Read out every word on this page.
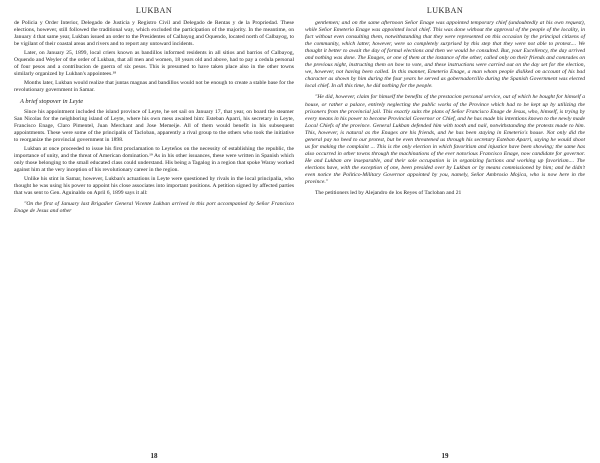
LUKBAN

de Policia y Order Interior, Delegado de Justicia y Registro Civil and Delegado de Rentas y de la Propriedad. These elections, however, still followed the traditional way, which excluded the participation of the majority. In the meantime, on January 4 that same year, Lukban issued an order to the Presidentes of Calbayog and Oquendo, located north of Calbayog, to be vigilant of their coastal areas and rivers and to report any untoward incidents.

Later, on January 25, 1899, local criers known as bandillos informed residents in all sitios and barrios of Calbayog, Oquendo and Weyler of the order of Lukban, that all men and women, 18 years old and above, had to pay a cedula personal of four pesos and a contribucion de guerra of six pesos. This is presumed to have taken place also in the other towns similarly organized by Lukban's appointees.¹⁸

Months later, Lukban would realize that juntas magnas and bandillos would not be enough to create a stable base for the revolutionary government in Samar.

A brief stopover in Leyte

Since his appointment included the island province of Leyte, he set sail on January 17, that year, on board the steamer San Nicolas for the neighboring island of Leyte, where his own mess awaited him: Esteban Aparri, his secretary in Leyte, Francisco Enage, Claro Pimentel, Juan Merchant and Jose Memeije. All of them would benefit in his subsequent appointments. These were some of the principalis of Tacloban, apparently a rival group to the others who took the initiative to reorganize the provincial government in 1898.

Lukban at once proceeded to issue his first proclamation to Leyteños on the necessity of establishing the republic, the importance of unity, and the threat of American domination.¹⁹ As in his other issuances, these were written in Spanish which only those belonging to the small educated class could understand. His being a Tagalog in a region that spoke Waray worked against him at the very inception of his revolutionary career in the region.

Unlike his stint in Samar, however, Lukban's actuations in Leyte were questioned by rivals in the local principalia, who thought he was using his power to appoint his close associates into important positions. A petition signed by affected parties that was sent to Gen. Aguinaldo on April 6, 1899 says it all:

"On the first of January last Brigadier General Vicente Lukban arrived in this port accompanied by Señor Francisco Enage de Jesus and other

18
LUKBAN

gentlemen; and on the same afternoon Señor Enage was appointed temporary chief (undoubtedly at his own request), while Señor Emeterio Enage was appointed local chief. This was done without the approval of the people of the locality, in fact without even consulting them, notwithstanding that they were represented on this occasion by the principal citizens of the community, which latter, however, were so completely surprised by this step that they were not able to protest.... We thought it better to await the day of formal elections and then we would be consulted. But, your Excellency, the day arrived and nothing was done. The Enages, or one of them at the instance of the other, called only on their friends and comrades on the previous night, instructing them on how to vote, and these instructions were carried out on the day set for the election, we, however, not having been called. In this manner, Emeterio Enage, a man whom people disliked on account of his bad character as shown by him during the four years he served as gobernadorcillo during the Spanish Government was elected local chief. In all this time, he did nothing for the people.

"He did, however, claim for himself the benefits of the prestacion personal service, out of which he bought for himself a house, or rather a palace, entirely neglecting the public works of the Province which had to be kept up by utilizing the prisoners from the provincial jail. This exactly suits the plans of Señor Francisco Enage de Jesus, who, himself, is trying by every means in his power to become Provincial Governor or Chief, and he has made his intentions known to the newly made Local Chiefs of the province. General Lukban defended him with tooth and nail, notwithstanding the protests made to him. This, however, is natural as the Enages are his friends, and he has been staying in Emeterio's house. Not only did the general pay no heed to our protest, but he even threatened us through his secretary Esteban Aparri, saying he would shoot us for making the complaint ... This is the only election in which favoritism and injustice have been showing; the same has also occurred in other towns through the machinations of the ever notorious Francisco Enage, now candidate for governor. He and Lukban are inseparable, and their sole occupation is in organizing factions and working up favoritism.... The elections have, with the exception of one, been presided over by Lukban or by means commissioned by him; and he didn't even notice the Politico-Military Governor appointed by you, namely, Señor Ambrosio Mojica, who is now here in the province."

The petitioners led by Alejandro de los Reyes of Tacloban and 21

19
